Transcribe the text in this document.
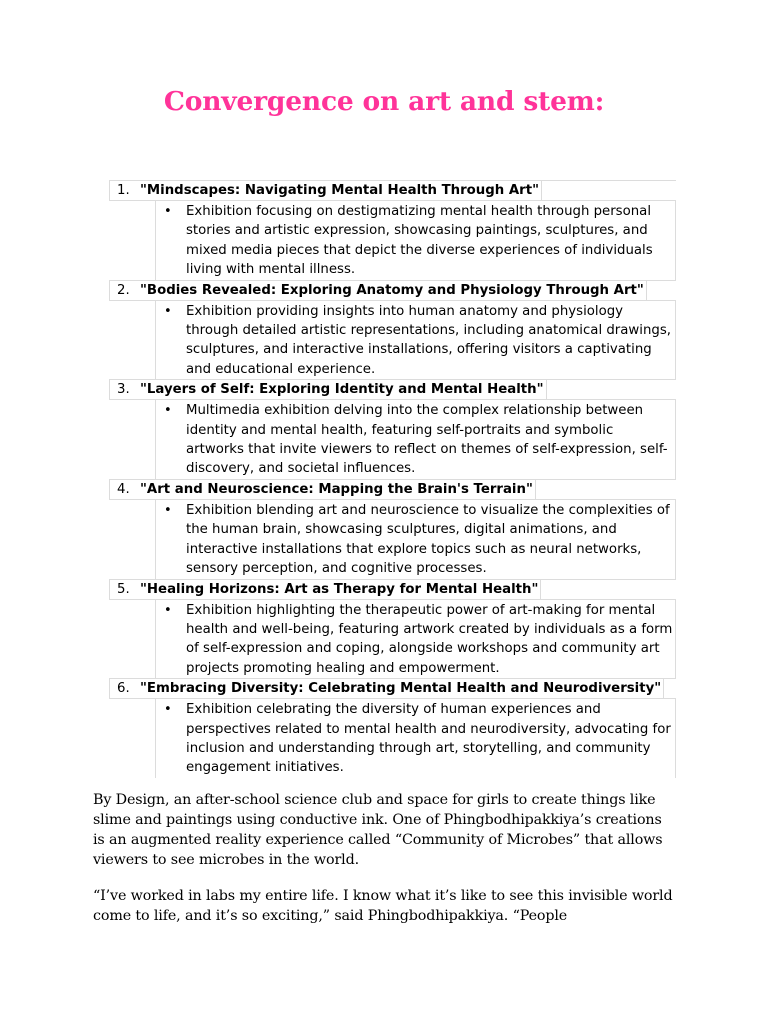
Convergence on art and stem:
1. "Mindscapes: Navigating Mental Health Through Art"
• Exhibition focusing on destigmatizing mental health through personal stories and artistic expression, showcasing paintings, sculptures, and mixed media pieces that depict the diverse experiences of individuals living with mental illness.
2. "Bodies Revealed: Exploring Anatomy and Physiology Through Art"
• Exhibition providing insights into human anatomy and physiology through detailed artistic representations, including anatomical drawings, sculptures, and interactive installations, offering visitors a captivating and educational experience.
3. "Layers of Self: Exploring Identity and Mental Health"
• Multimedia exhibition delving into the complex relationship between identity and mental health, featuring self-portraits and symbolic artworks that invite viewers to reflect on themes of self-expression, self-discovery, and societal influences.
4. "Art and Neuroscience: Mapping the Brain's Terrain"
• Exhibition blending art and neuroscience to visualize the complexities of the human brain, showcasing sculptures, digital animations, and interactive installations that explore topics such as neural networks, sensory perception, and cognitive processes.
5. "Healing Horizons: Art as Therapy for Mental Health"
• Exhibition highlighting the therapeutic power of art-making for mental health and well-being, featuring artwork created by individuals as a form of self-expression and coping, alongside workshops and community art projects promoting healing and empowerment.
6. "Embracing Diversity: Celebrating Mental Health and Neurodiversity"
• Exhibition celebrating the diversity of human experiences and perspectives related to mental health and neurodiversity, advocating for inclusion and understanding through art, storytelling, and community engagement initiatives.
By Design, an after-school science club and space for girls to create things like slime and paintings using conductive ink. One of Phingbodhipakkiya’s creations is an augmented reality experience called “Community of Microbes” that allows viewers to see microbes in the world.
“I’ve worked in labs my entire life. I know what it’s like to see this invisible world come to life, and it’s so exciting,” said Phingbodhipakkiya. “People
